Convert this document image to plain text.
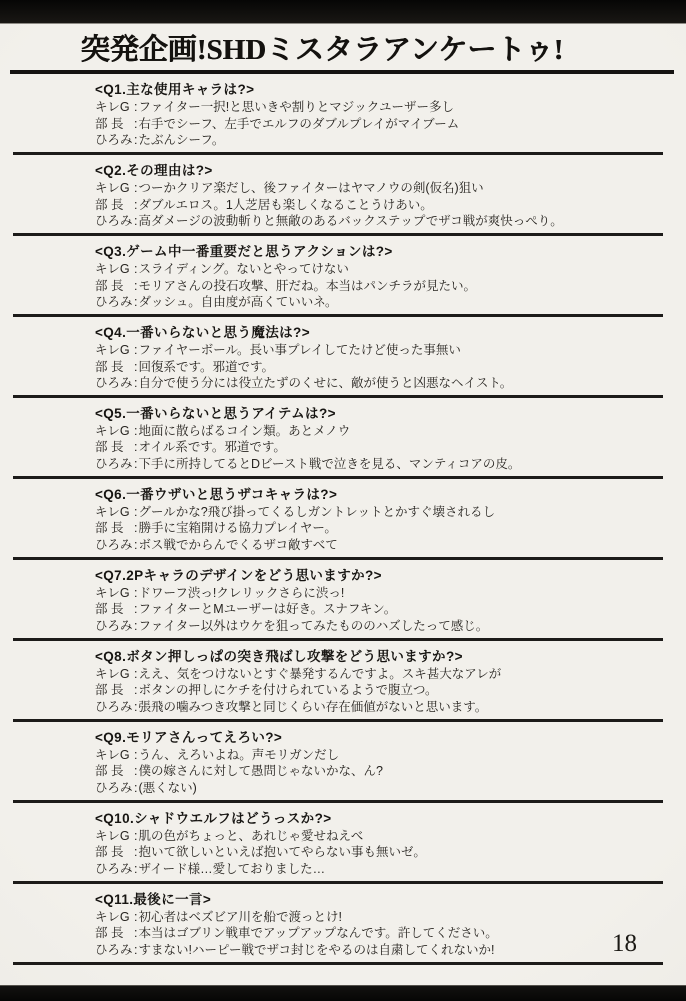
突発企画!SHDミスタラアンケートゥ!
<Q1.主な使用キャラは?>
キレG :ファイター一択!と思いきや割りとマジックユーザー多し
部 長 :右手でシーフ、左手でエルフのダブルプレイがマイブーム
ひろみ:たぶんシーフ。
<Q2.その理由は?>
キレG :つーかクリア楽だし、後ファイターはヤマノウの剣(仮名)狙い
部 長 :ダブルエロス。1人芝居も楽しくなることうけあい。
ひろみ:高ダメージの波動斬りと無敵のあるバックステップでザコ戦が爽快っぺり。
<Q3.ゲーム中一番重要だと思うアクションは?>
キレG :スライディング。ないとやってけない
部 長 :モリアさんの投石攻撃、肝だね。本当はパンチラが見たい。
ひろみ:ダッシュ。自由度が高くていいネ。
<Q4.一番いらないと思う魔法は?>
キレG :ファイヤーボール。長い事プレイしてたけど使った事無い
部 長 :回復系です。邪道です。
ひろみ:自分で使う分には役立たずのくせに、敵が使うと凶悪なヘイスト。
<Q5.一番いらないと思うアイテムは?>
キレG :地面に散らばるコイン類。あとメノウ
部 長 :オイル系です。邪道です。
ひろみ:下手に所持してるとDビースト戦で泣きを見る、マンティコアの皮。
<Q6.一番ウザいと思うザコキャラは?>
キレG :グールかな?飛び掛ってくるしガントレットとかすぐ壊されるし
部 長 :勝手に宝箱開ける協力プレイヤー。
ひろみ:ボス戦でからんでくるザコ敵すべて
<Q7.2Pキャラのデザインをどう思いますか?>
キレG :ドワーフ渋っ!クレリックさらに渋っ!
部 長 :ファイターとMユーザーは好き。スナフキン。
ひろみ:ファイター以外はウケを狙ってみたもののハズしたって感じ。
<Q8.ボタン押しっぱの突き飛ばし攻撃をどう思いますか?>
キレG :ええ、気をつけないとすぐ暴発するんですよ。スキ甚大なアレが
部 長 :ボタンの押しにケチを付けられているようで腹立つ。
ひろみ:張飛の噛みつき攻撃と同じくらい存在価値がないと思います。
<Q9.モリアさんってえろい?>
キレG :うん、えろいよね。声モリガンだし
部 長 :僕の嫁さんに対して愚問じゃないかな、ん?
ひろみ:(悪くない)
<Q10.シャドウエルフはどうっスか?>
キレG :肌の色がちょっと、あれじゃ愛せねえべ
部 長 :抱いて欲しいといえば抱いてやらない事も無いゼ。
ひろみ:ザイード様…愛しておりました…
<Q11.最後に一言>
キレG :初心者はベズビア川を船で渡っとけ!
部 長 :本当はゴブリン戦車でアップアップなんです。許してください。
ひろみ:すまない!ハーピー戦でザコ封じをやるのは自粛してくれないか!	18
